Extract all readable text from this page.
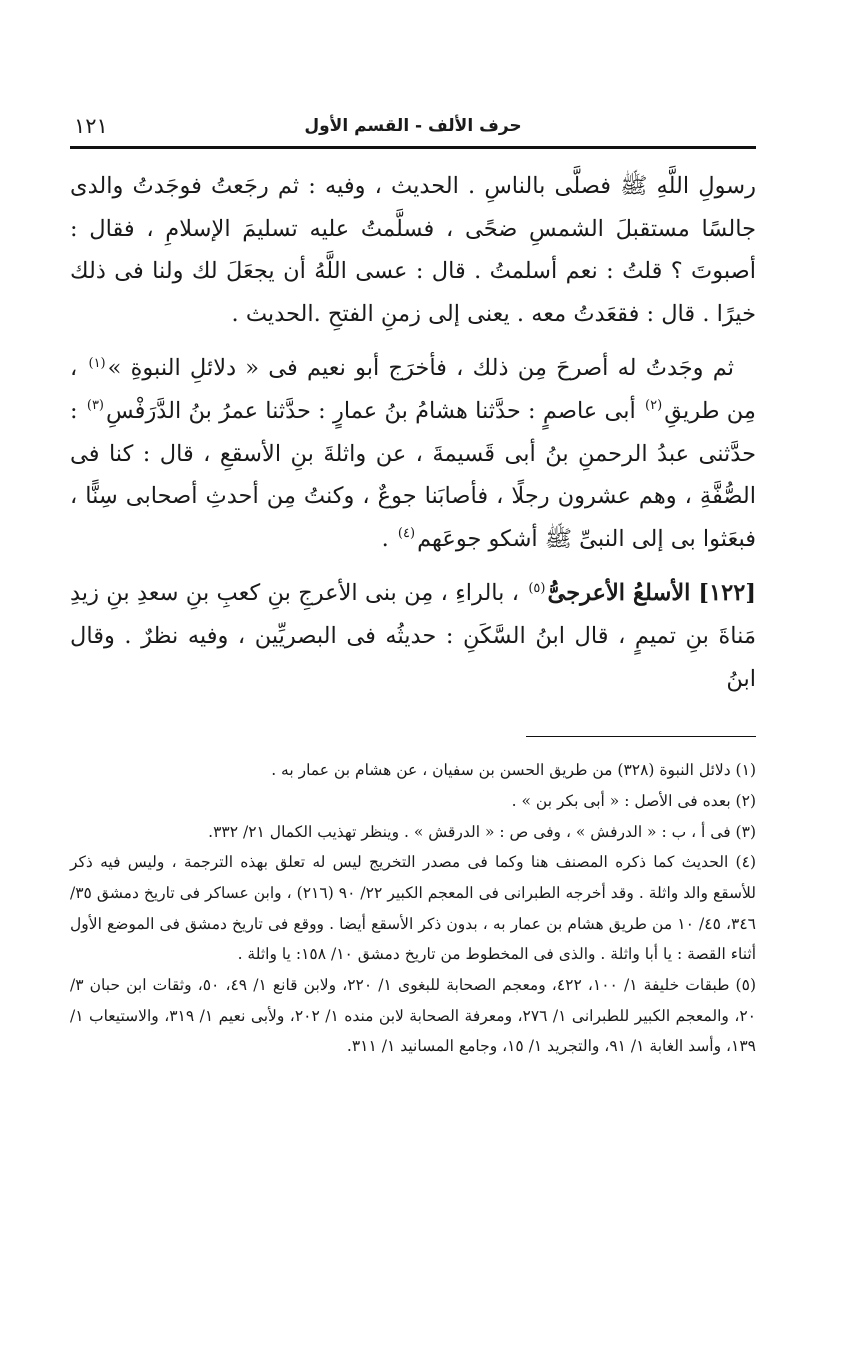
حرف الألف - القسم الأول
١٢١

رسولِ اللَّهِ ﷺ فصلَّى بالناسِ . الحديث ، وفيه : ثم رجَعتُ فوجَدتُ والدى جالسًا مستقبلَ الشمسِ ضحًى ، فسلَّمتُ عليه تسليمَ الإسلامِ ، فقال : أصبوتَ ؟ قلتُ : نعم أسلمتُ . قال : عسى اللَّهُ أن يجعَلَ لك ولنا فى ذلك خيرًا . قال : فقعَدتُ معه . يعنى إلى زمنِ الفتحِ .الحديث .

ثم وجَدتُ له أصرحَ مِن ذلك ، فأخرَج أبو نعيم فى « دلائلِ النبوةِ »$^{(١)}$ ، مِن طريقِ$^{(٢)}$ أبى عاصمٍ : حدَّثنا هشامُ بنُ عمارٍ : حدَّثنا عمرُ بنُ الدَّرَفْسِ$^{(٣)}$ : حدَّثنى عبدُ الرحمنِ بنُ أبى قَسيمةَ ، عن واثلةَ بنِ الأسقعِ ، قال : كنا فى الصُّفَّةِ ، وهم عشرون رجلًا ، فأصابَنا جوعٌ ، وكنتُ مِن أحدثِ أصحابى سِنًّا ، فبعَثوا بى إلى النبىِّ ﷺ أشكو جوعَهم$^{(٤)}$ .

[١٢٢] الأسلعُ الأعرجىُّ$^{(٥)}$ ، بالراءِ ، مِن بنى الأعرجِ بنِ كعبِ بنِ سعدِ بنِ زيدِ مَناةَ بنِ تميمٍ ، قال ابنُ السَّكَنِ : حديثُه فى البصريِّين ، وفيه نظرٌ . وقال ابنُ

(١) دلائل النبوة (٣٢٨) من طريق الحسن بن سفيان ، عن هشام بن عمار به .

(٢) بعده فى الأصل : « أبى بكر بن » .

(٣) فى أ ، ب : « الدرفش » ، وفى ص : « الدرقش » . وينظر تهذيب الكمال ٢١/ ٣٣٢.

(٤) الحديث كما ذكره المصنف هنا وكما فى مصدر التخريج ليس له تعلق بهذه الترجمة ، وليس فيه ذكر للأسقع والد واثلة . وقد أخرجه الطبرانى فى المعجم الكبير ٢٢/ ٩٠ (٢١٦) ، وابن عساكر فى تاريخ دمشق ٣٥/ ٣٤٦، ٤٥/ ١٠ من طريق هشام بن عمار به ، بدون ذكر الأسقع أيضا . ووقع فى تاريخ دمشق فى الموضع الأول أثناء القصة : يا أبا واثلة . والذى فى المخطوط من تاريخ دمشق ١٠/ ١٥٨: يا واثلة .

(٥) طبقات خليفة ١/ ١٠٠، ٤٢٢، ومعجم الصحابة للبغوى ١/ ٢٢٠، ولابن قانع ١/ ٤٩، ٥٠، وثقات ابن حبان ٣/ ٢٠، والمعجم الكبير للطبرانى ١/ ٢٧٦، ومعرفة الصحابة لابن منده ١/ ٢٠٢، ولأبى نعيم ١/ ٣١٩، والاستيعاب ١/ ١٣٩، وأسد الغابة ١/ ٩١، والتجريد ١/ ١٥، وجامع المسانيد ١/ ٣١١.
